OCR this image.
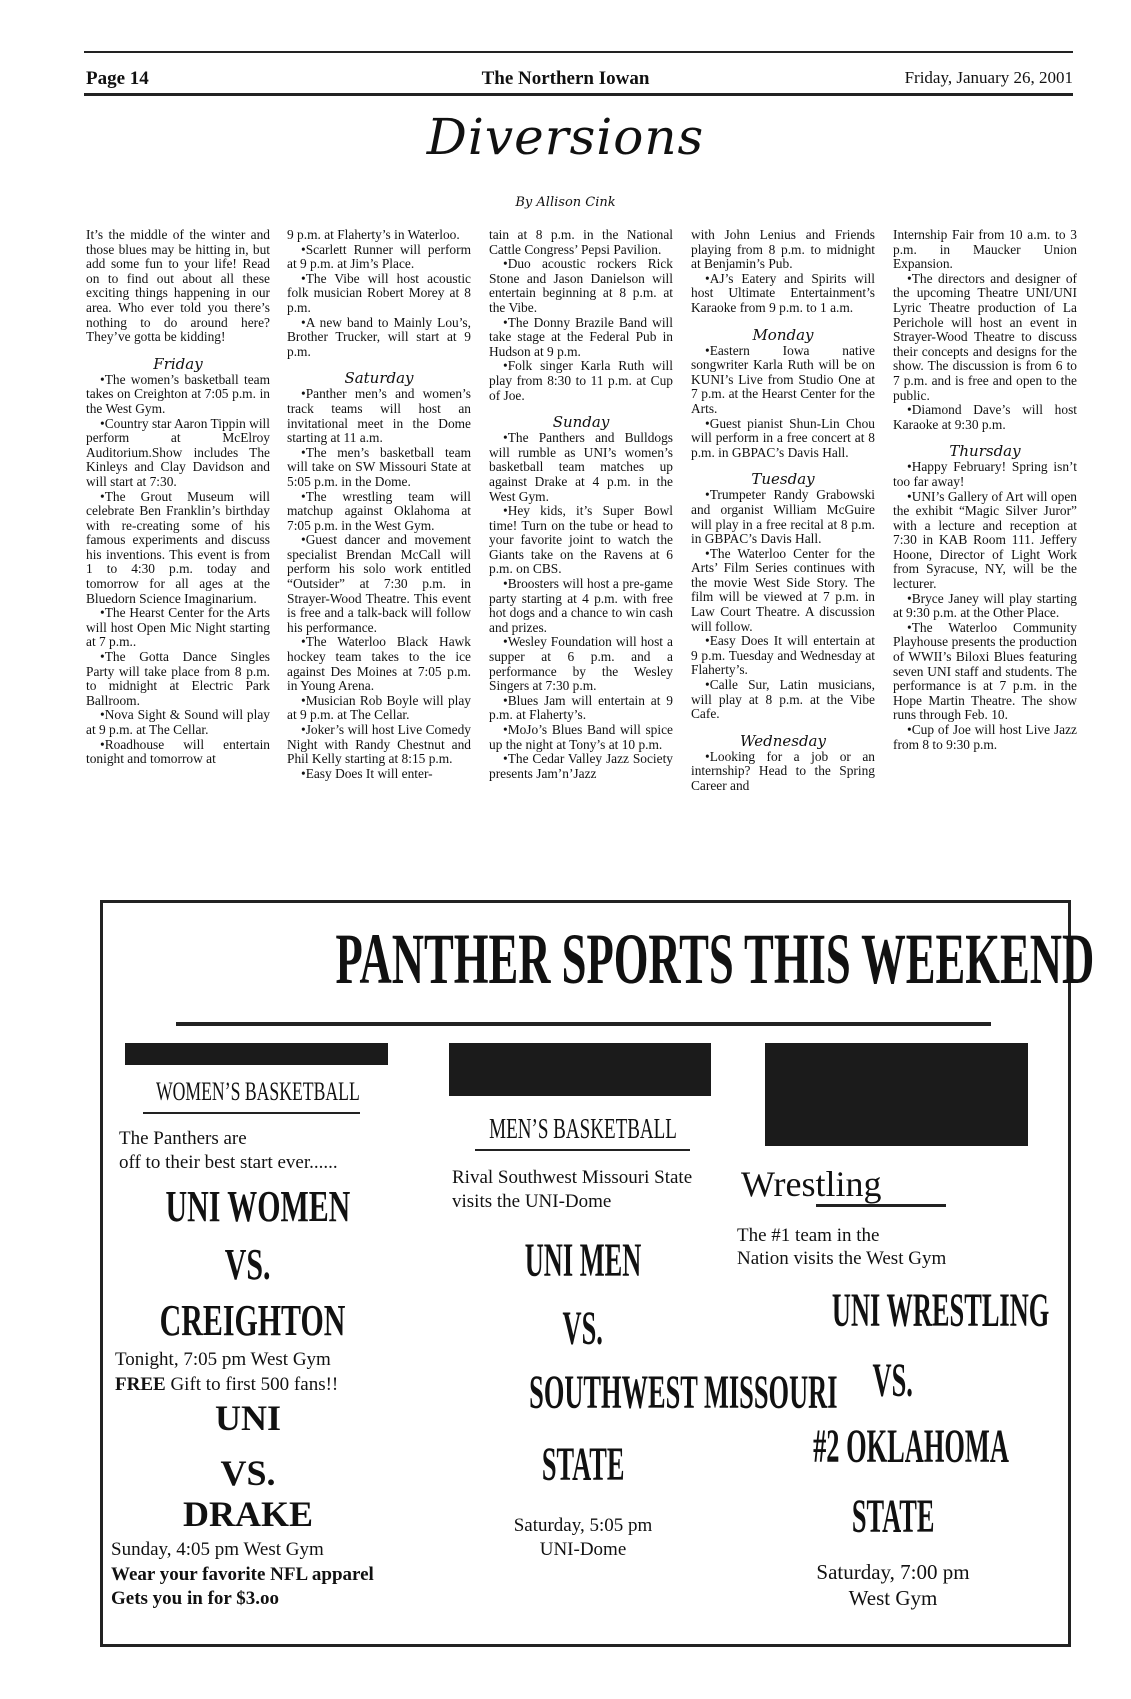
Page 14	The Northern Iowan	Friday, January 26, 2001
Diversions
By Allison Cink

It’s the middle of the winter and those blues may be hitting in, but add some fun to your life! Read on to find out about all these exciting things happening in our area. Who ever told you there’s nothing to do around here? They’ve gotta be kidding!

Friday

•The women’s basketball team takes on Creighton at 7:05 p.m. in the West Gym.

•Country star Aaron Tippin will perform at McElroy Auditorium.Show includes The Kinleys and Clay Davidson and will start at 7:30.

•The Grout Museum will celebrate Ben Franklin’s birthday with re-creating some of his famous experiments and discuss his inventions. This event is from 1 to 4:30 p.m. today and tomorrow for all ages at the Bluedorn Science Imaginarium.

•The Hearst Center for the Arts will host Open Mic Night starting at 7 p.m..

•The Gotta Dance Singles Party will take place from 8 p.m. to midnight at Electric Park Ballroom.

•Nova Sight & Sound will play at 9 p.m. at The Cellar.

•Roadhouse will entertain tonight and tomorrow at

9 p.m. at Flaherty’s in Waterloo.

•Scarlett Runner will perform at 9 p.m. at Jim’s Place.

•The Vibe will host acoustic folk musician Robert Morey at 8 p.m.

•A new band to Mainly Lou’s, Brother Trucker, will start at 9 p.m.

Saturday

•Panther men’s and women’s track teams will host an invitational meet in the Dome starting at 11 a.m.

•The men’s basketball team will take on SW Missouri State at 5:05 p.m. in the Dome.

•The wrestling team will matchup against Oklahoma at 7:05 p.m. in the West Gym.

•Guest dancer and movement specialist Brendan McCall will perform his solo work entitled “Outsider” at 7:30 p.m. in Strayer-Wood Theatre. This event is free and a talk-back will follow his performance.

•The Waterloo Black Hawk hockey team takes to the ice against Des Moines at 7:05 p.m. in Young Arena.

•Musician Rob Boyle will play at 9 p.m. at The Cellar.

•Joker’s will host Live Comedy Night with Randy Chestnut and Phil Kelly starting at 8:15 p.m.

•Easy Does It will enter-

tain at 8 p.m. in the National Cattle Congress’ Pepsi Pavilion.

•Duo acoustic rockers Rick Stone and Jason Danielson will entertain beginning at 8 p.m. at the Vibe.

•The Donny Brazile Band will take stage at the Federal Pub in Hudson at 9 p.m.

•Folk singer Karla Ruth will play from 8:30 to 11 p.m. at Cup of Joe.

Sunday

•The Panthers and Bulldogs will rumble as UNI’s women’s basketball team matches up against Drake at 4 p.m. in the West Gym.

•Hey kids, it’s Super Bowl time! Turn on the tube or head to your favorite joint to watch the Giants take on the Ravens at 6 p.m. on CBS.

•Broosters will host a pre-game party starting at 4 p.m. with free hot dogs and a chance to win cash and prizes.

•Wesley Foundation will host a supper at 6 p.m. and a performance by the Wesley Singers at 7:30 p.m.

•Blues Jam will entertain at 9 p.m. at Flaherty’s.

•MoJo’s Blues Band will spice up the night at Tony’s at 10 p.m.

•The Cedar Valley Jazz Society presents Jam’n’Jazz

with John Lenius and Friends playing from 8 p.m. to midnight at Benjamin’s Pub.

•AJ’s Eatery and Spirits will host Ultimate Entertainment’s Karaoke from 9 p.m. to 1 a.m.

Monday

•Eastern Iowa native songwriter Karla Ruth will be on KUNI’s Live from Studio One at 7 p.m. at the Hearst Center for the Arts.

•Guest pianist Shun-Lin Chou will perform in a free concert at 8 p.m. in GBPAC’s Davis Hall.

Tuesday

•Trumpeter Randy Grabowski and organist William McGuire will play in a free recital at 8 p.m. in GBPAC’s Davis Hall.

•The Waterloo Center for the Arts’ Film Series continues with the movie West Side Story. The film will be viewed at 7 p.m. in Law Court Theatre. A discussion will follow.

•Easy Does It will entertain at 9 p.m. Tuesday and Wednesday at Flaherty’s.

•Calle Sur, Latin musicians, will play at 8 p.m. at the Vibe Cafe.

Wednesday

•Looking for a job or an internship? Head to the Spring Career and

Internship Fair from 10 a.m. to 3 p.m. in Maucker Union Expansion.

•The directors and designer of the upcoming Theatre UNI/UNI Lyric Theatre production of La Perichole will host an event in Strayer-Wood Theatre to discuss their concepts and designs for the show. The discussion is from 6 to 7 p.m. and is free and open to the public.

•Diamond Dave’s will host Karaoke at 9:30 p.m.

Thursday

•Happy February! Spring isn’t too far away!

•UNI’s Gallery of Art will open the exhibit “Magic Silver Juror” with a lecture and reception at 7:30 in KAB Room 111. Jeffery Hoone, Director of Light Work from Syracuse, NY, will be the lecturer.

•Bryce Janey will play starting at 9:30 p.m. at the Other Place.

•The Waterloo Community Playhouse presents the production of WWII’s Biloxi Blues featuring seven UNI staff and students. The performance is at 7 p.m. in the Hope Martin Theatre. The show runs through Feb. 10.

•Cup of Joe will host Live Jazz from 8 to 9:30 p.m.

PANTHER SPORTS THIS WEEKEND
WOMEN’S BASKETBALL
The Panthers are
off to their best start ever......
UNI WOMEN
VS.
CREIGHTON
Tonight, 7:05 pm West Gym
FREE Gift to first 500 fans!!
UNI
VS.
DRAKE
Sunday, 4:05 pm West Gym
Wear your favorite NFL apparel
Gets you in for $3.oo
MEN’S BASKETBALL
Rival Southwest Missouri State
visits the UNI-Dome
UNI MEN
VS.
SOUTHWEST MISSOURI
STATE
Saturday, 5:05 pm
UNI-Dome
Wrestling
The #1 team in the
Nation visits the West Gym
UNI WRESTLING
VS.
#2 OKLAHOMA
STATE
Saturday, 7:00 pm
West Gym
